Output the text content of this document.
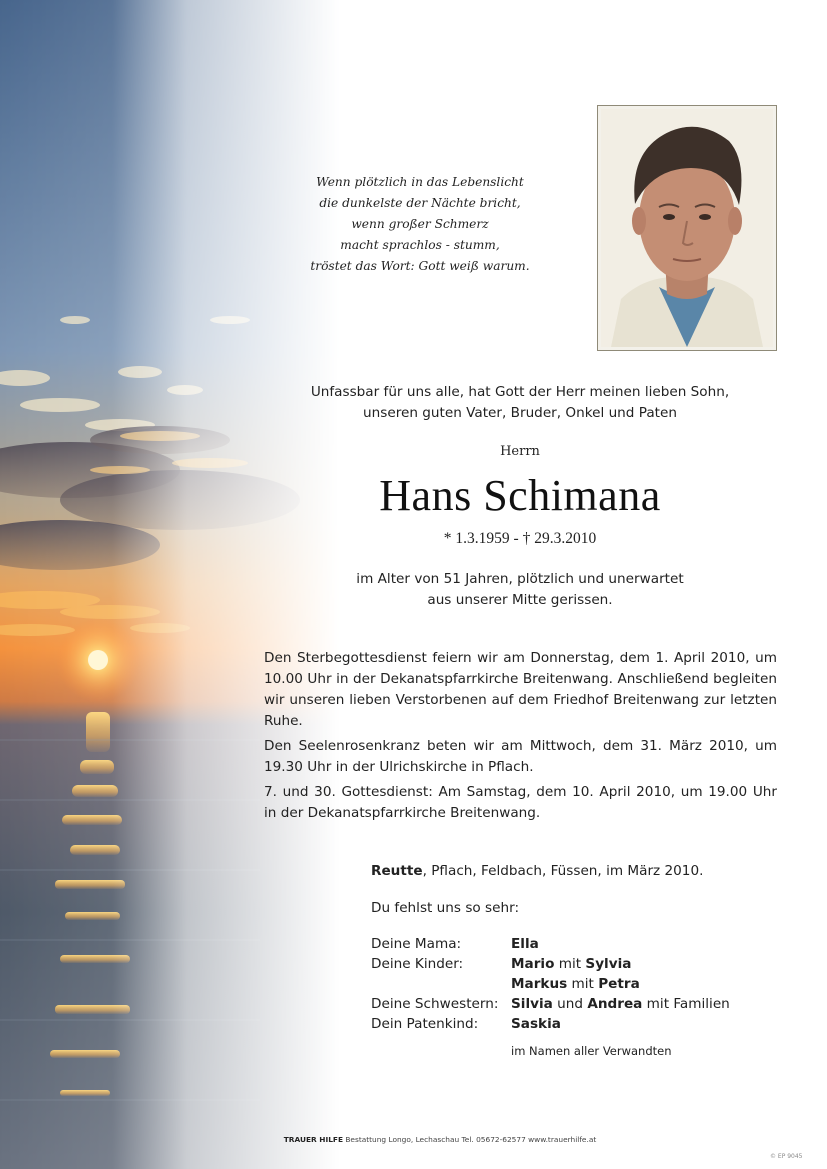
Wenn plötzlich in das Lebenslicht
die dunkelste der Nächte bricht,
wenn großer Schmerz
macht sprachlos - stumm,
tröstet das Wort: Gott weiß warum.
Unfassbar für uns alle, hat Gott der Herr meinen lieben Sohn,
unseren guten Vater, Bruder, Onkel und Paten
Herrn
Hans Schimana
* 1.3.1959 - † 29.3.2010
im Alter von 51 Jahren, plötzlich und unerwartet
aus unserer Mitte gerissen.

Den Sterbegottesdienst feiern wir am Donnerstag, dem 1. April 2010, um 10.00 Uhr in der Dekanatspfarrkirche Breitenwang. Anschließend begleiten wir unseren lieben Verstorbenen auf dem Friedhof Breitenwang zur letzten Ruhe.

Den Seelenrosenkranz beten wir am Mittwoch, dem 31. März 2010, um 19.30 Uhr in der Ulrichskirche in Pflach.

7. und 30. Gottesdienst: Am Samstag, dem 10. April 2010, um 19.00 Uhr in der Dekanatspfarrkirche Breitenwang.

Reutte, Pflach, Feldbach, Füssen, im März 2010.
Du fehlst uns so sehr:
Deine Mama:	Ella
Deine Kinder:	Mario mit Sylvia
Markus mit Petra
Deine Schwestern: Silvia und Andrea mit Familien
Dein Patenkind: Saskia
im Namen aller Verwandten
TRAUER HILFE Bestattung Longo, Lechaschau Tel. 05672-62577 www.trauerhilfe.at
© EP 9045
